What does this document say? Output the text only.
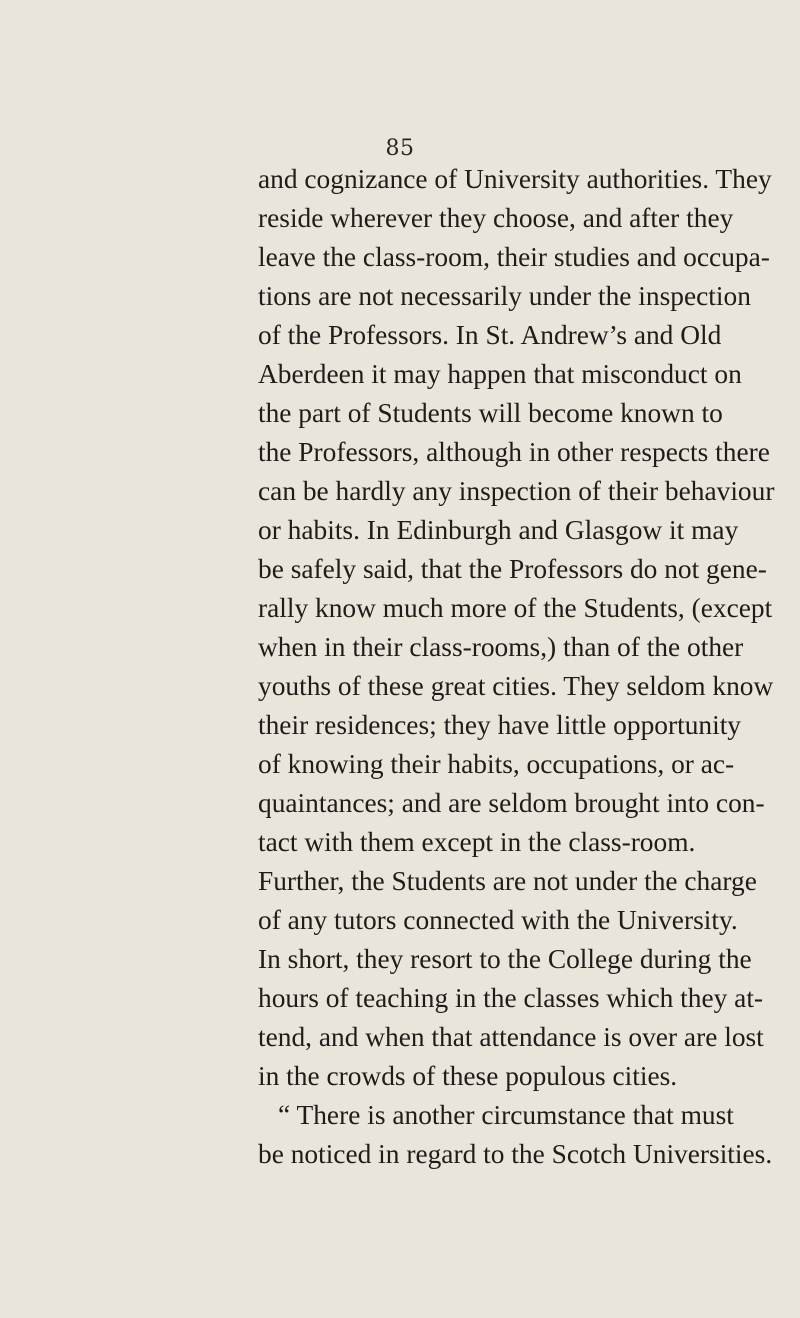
85
and cognizance of University authorities. They
reside wherever they choose, and after they
leave the class-room, their studies and occupa-
tions are not necessarily under the inspection
of the Professors. In St. Andrew’s and Old
Aberdeen it may happen that misconduct on
the part of Students will become known to
the Professors, although in other respects there
can be hardly any inspection of their behaviour
or habits. In Edinburgh and Glasgow it may
be safely said, that the Professors do not gene-
rally know much more of the Students, (except
when in their class-rooms,) than of the other
youths of these great cities. They seldom know
their residences; they have little opportunity
of knowing their habits, occupations, or ac-
quaintances; and are seldom brought into con-
tact with them except in the class-room.
Further, the Students are not under the charge
of any tutors connected with the University.
In short, they resort to the College during the
hours of teaching in the classes which they at-
tend, and when that attendance is over are lost
in the crowds of these populous cities.
“ There is another circumstance that must
be noticed in regard to the Scotch Universities.
